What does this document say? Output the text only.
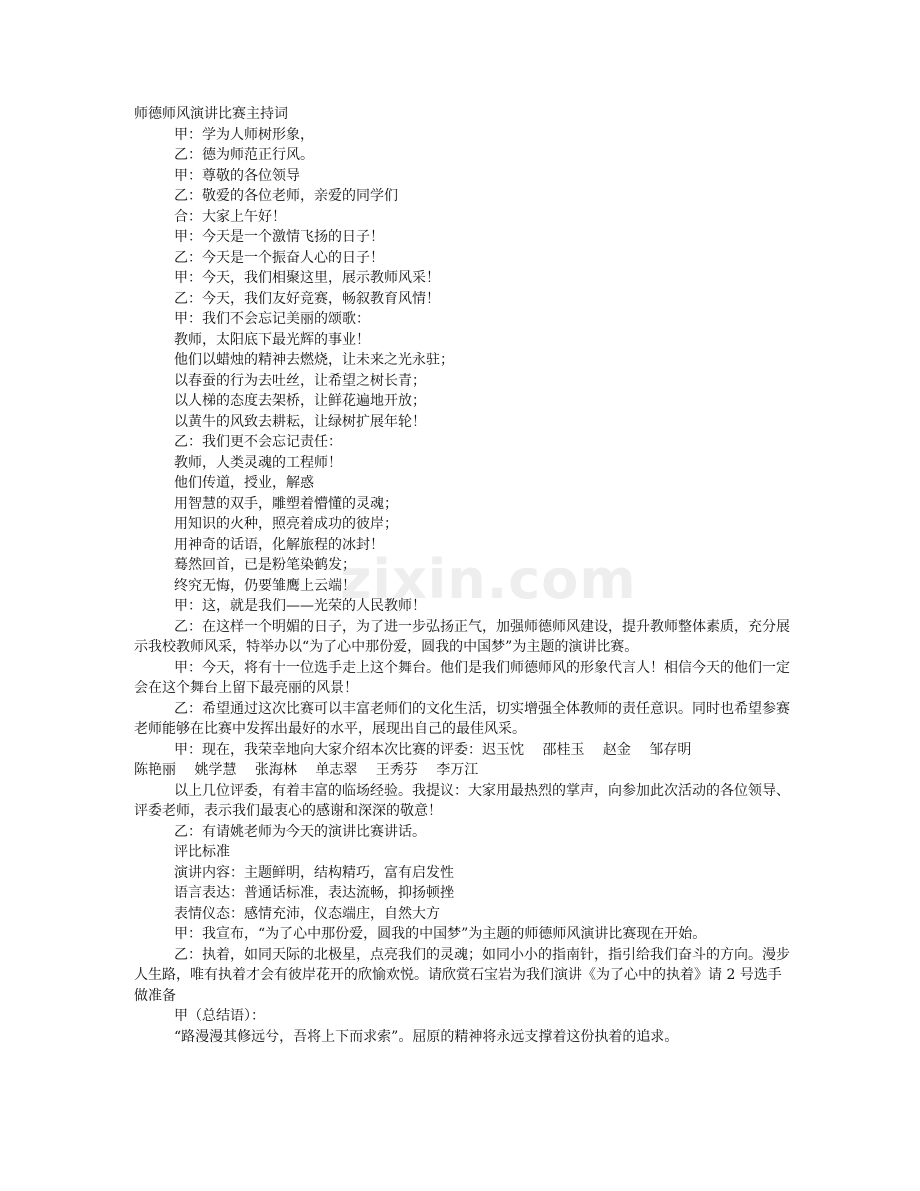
师德师风演讲比赛主持词

甲：学为人师树形象，

乙：德为师范正行风。

甲：尊敬的各位领导

乙：敬爱的各位老师，亲爱的同学们

合：大家上午好！

甲：今天是一个激情飞扬的日子！

乙：今天是一个振奋人心的日子！

甲：今天，我们相聚这里，展示教师风采！

乙：今天，我们友好竞赛，畅叙教育风情！

甲：我们不会忘记美丽的颂歌：

教师，太阳底下最光辉的事业！

他们以蜡烛的精神去燃烧，让未来之光永驻；

以春蚕的行为去吐丝，让希望之树长青；

以人梯的态度去架桥，让鲜花遍地开放；

以黄牛的风致去耕耘，让绿树扩展年轮！

乙：我们更不会忘记责任：

教师，人类灵魂的工程师！

他们传道，授业，解惑

用智慧的双手，雕塑着懵懂的灵魂；

用知识的火种，照亮着成功的彼岸；

用神奇的话语，化解旅程的冰封！

蓦然回首，已是粉笔染鹤发；

终究无悔，仍要雏鹰上云端！

甲：这，就是我们——光荣的人民教师！

乙：在这样一个明媚的日子，为了进一步弘扬正气，加强师德师风建设，提升教师整体素质，充分展示我校教师风采，特举办以“为了心中那份爱，圆我的中国梦”为主题的演讲比赛。

甲：今天，将有十一位选手走上这个舞台。他们是我们师德师风的形象代言人！相信今天的他们一定会在这个舞台上留下最亮丽的风景！

乙：希望通过这次比赛可以丰富老师们的文化生活，切实增强全体教师的责任意识。同时也希望参赛老师能够在比赛中发挥出最好的水平，展现出自己的最佳风采。

甲：现在，我荣幸地向大家介绍本次比赛的评委：迟玉忱　 邵桂玉　 赵金　 邹存明

陈艳丽　 姚学慧　 张海林　 单志翠　 王秀芬　 李万江

以上几位评委，有着丰富的临场经验。我提议：大家用最热烈的掌声，向参加此次活动的各位领导、评委老师，表示我们最衷心的感谢和深深的敬意！

乙：有请姚老师为今天的演讲比赛讲话。

评比标准

演讲内容：主题鲜明，结构精巧，富有启发性

语言表达：普通话标准，表达流畅，抑扬顿挫

表情仪态：感情充沛，仪态端庄，自然大方

甲：我宣布，“为了心中那份爱，圆我的中国梦”为主题的师德师风演讲比赛现在开始。

乙：执着，如同天际的北极星，点亮我们的灵魂；如同小小的指南针，指引给我们奋斗的方向。漫步人生路，唯有执着才会有彼岸花开的欣愉欢悦。请欣赏石宝岩为我们演讲《为了心中的执着》请 2 号选手做准备

甲（总结语）：

“路漫漫其修远兮，吾将上下而求索”。屈原的精神将永远支撑着这份执着的追求。

zixin.com
